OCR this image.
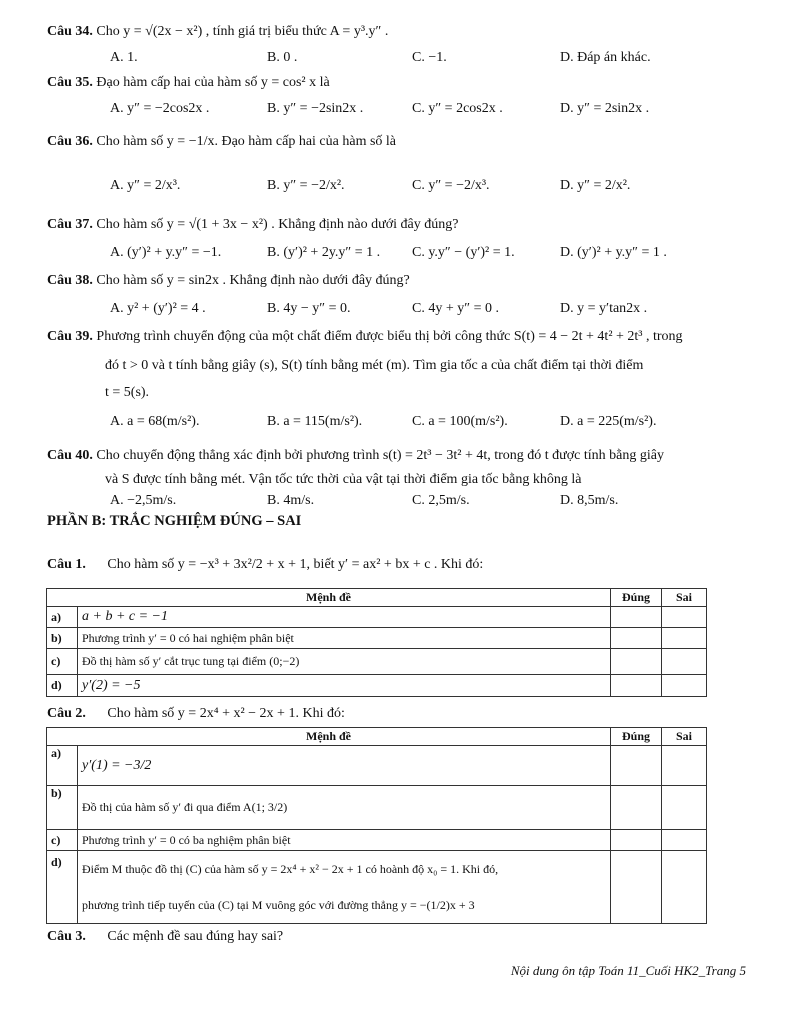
Câu 34. Cho y = √(2x − x²) , tính giá trị biểu thức A = y³.y″ .
A. 1.	B. 0 .	C. −1.	D. Đáp án khác.
Câu 35. Đạo hàm cấp hai của hàm số y = cos² x là
A. y″ = −2cos2x .	B. y″ = −2sin2x .	C. y″ = 2cos2x .	D. y″ = 2sin2x .
Câu 36. Cho hàm số y = −1/x. Đạo hàm cấp hai của hàm số là
A. y″ = 2/x³.	B. y″ = −2/x².	C. y″ = −2/x³.	D. y″ = 2/x².
Câu 37. Cho hàm số y = √(1 + 3x − x²) . Khẳng định nào dưới đây đúng?
A. (y′)² + y.y″ = −1.	B. (y′)² + 2y.y″ = 1 . C. y.y″ − (y′)² = 1.	D. (y′)² + y.y″ = 1 .
Câu 38. Cho hàm số y = sin2x . Khẳng định nào dưới đây đúng?
A. y² + (y′)² = 4 .	B. 4y − y″ = 0.	C. 4y + y″ = 0 .	D. y = y′tan2x .
Câu 39. Phương trình chuyển động của một chất điểm được biểu thị bởi công thức S(t) = 4 − 2t + 4t² + 2t³ , trong
đó t > 0 và t tính bằng giây (s), S(t) tính bằng mét (m). Tìm gia tốc a của chất điểm tại thời điểm
t = 5(s).
A. a = 68(m/s²).	B. a = 115(m/s²).	C. a = 100(m/s²).	D. a = 225(m/s²).
Câu 40. Cho chuyển động thẳng xác định bởi phương trình s(t) = 2t³ − 3t² + 4t, trong đó t được tính bằng giây
và S được tính bằng mét. Vận tốc tức thời của vật tại thời điểm gia tốc bằng không là
A. −2,5m/s.	B. 4m/s.	C. 2,5m/s.	D. 8,5m/s.
PHẦN B: TRẮC NGHIỆM ĐÚNG – SAI
Câu 1. Cho hàm số y = −x³ + 3x²/2 + x + 1, biết y′ = ax² + bx + c . Khi đó:
Mệnh đề		Đúng	Sai
a)	a + b + c = −1		
b)	Phương trình y′ = 0 có hai nghiệm phân biệt		
c)	Đồ thị hàm số y′ cắt trục tung tại điểm (0;−2)		
d)	y′(2) = −5		
Câu 2. Cho hàm số y = 2x⁴ + x² − 2x + 1. Khi đó:
Mệnh đề		Đúng	Sai
a)	y′(1) = −3/2		
b)	Đồ thị của hàm số y′ đi qua điểm A(1; 3/2)		
c)	Phương trình y′ = 0 có ba nghiệm phân biệt		
d)	Điểm M thuộc đồ thị (C) của hàm số y = 2x⁴ + x² − 2x + 1 có hoành độ x₀ = 1. Khi đó,
phương trình tiếp tuyến của (C) tại M vuông góc với đường thẳng y = −(1/2)x + 3		

Câu 3. Các mệnh đề sau đúng hay sai?
Nội dung ôn tập Toán 11_Cuối HK2_Trang 5
